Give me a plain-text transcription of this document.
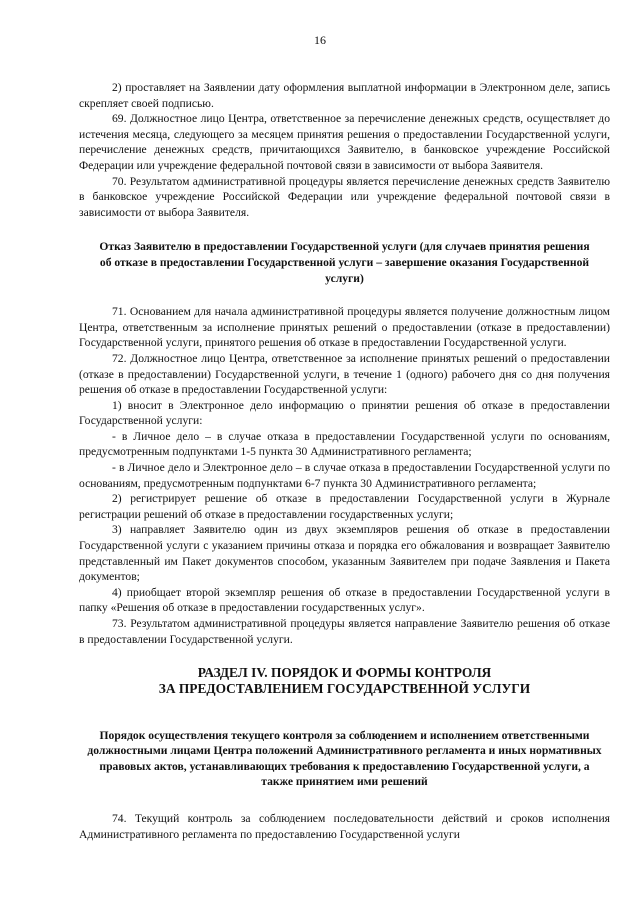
16

2) проставляет на Заявлении дату оформления выплатной информации в Электронном деле, запись скрепляет своей подписью.

69. Должностное лицо Центра, ответственное за перечисление денежных средств, осуществляет до истечения месяца, следующего за месяцем принятия решения о предоставлении Государственной услуги, перечисление денежных средств, причитающихся Заявителю, в банковское учреждение Российской Федерации или учреждение федеральной почтовой связи в зависимости от выбора Заявителя.

70. Результатом административной процедуры является перечисление денежных средств Заявителю в банковское учреждение Российской Федерации или учреждение федеральной почтовой связи в зависимости от выбора Заявителя.

Отказ Заявителю в предоставлении Государственной услуги (для случаев принятия решения об отказе в предоставлении Государственной услуги – завершение оказания Государственной услуги)

71. Основанием для начала административной процедуры является получение должностным лицом Центра, ответственным за исполнение принятых решений о предоставлении (отказе в предоставлении) Государственной услуги, принятого решения об отказе в предоставлении Государственной услуги.

72. Должностное лицо Центра, ответственное за исполнение принятых решений о предоставлении (отказе в предоставлении) Государственной услуги, в течение 1 (одного) рабочего дня со дня получения решения об отказе в предоставлении Государственной услуги:

1) вносит в Электронное дело информацию о принятии решения об отказе в предоставлении Государственной услуги:

- в Личное дело – в случае отказа в предоставлении Государственной услуги по основаниям, предусмотренным подпунктами 1-5 пункта 30 Административного регламента;

- в Личное дело и Электронное дело – в случае отказа в предоставлении Государственной услуги по основаниям, предусмотренным подпунктами 6-7 пункта 30 Административного регламента;

2) регистрирует решение об отказе в предоставлении Государственной услуги в Журнале регистрации решений об отказе в предоставлении государственных услуги;

3) направляет Заявителю один из двух экземпляров решения об отказе в предоставлении Государственной услуги с указанием причины отказа и порядка его обжалования и возвращает Заявителю представленный им Пакет документов способом, указанным Заявителем при подаче Заявления и Пакета документов;

4) приобщает второй экземпляр решения об отказе в предоставлении Государственной услуги в папку «Решения об отказе в предоставлении государственных услуг».

73. Результатом административной процедуры является направление Заявителю решения об отказе в предоставлении Государственной услуги.

РАЗДЕЛ IV. ПОРЯДОК И ФОРМЫ КОНТРОЛЯ
ЗА ПРЕДОСТАВЛЕНИЕМ ГОСУДАРСТВЕННОЙ УСЛУГИ
Порядок осуществления текущего контроля за соблюдением и исполнением ответственными должностными лицами Центра положений Административного регламента и иных нормативных правовых актов, устанавливающих требования к предоставлению Государственной услуги, а также принятием ими решений

74. Текущий контроль за соблюдением последовательности действий и сроков исполнения Административного регламента по предоставлению Государственной услуги
